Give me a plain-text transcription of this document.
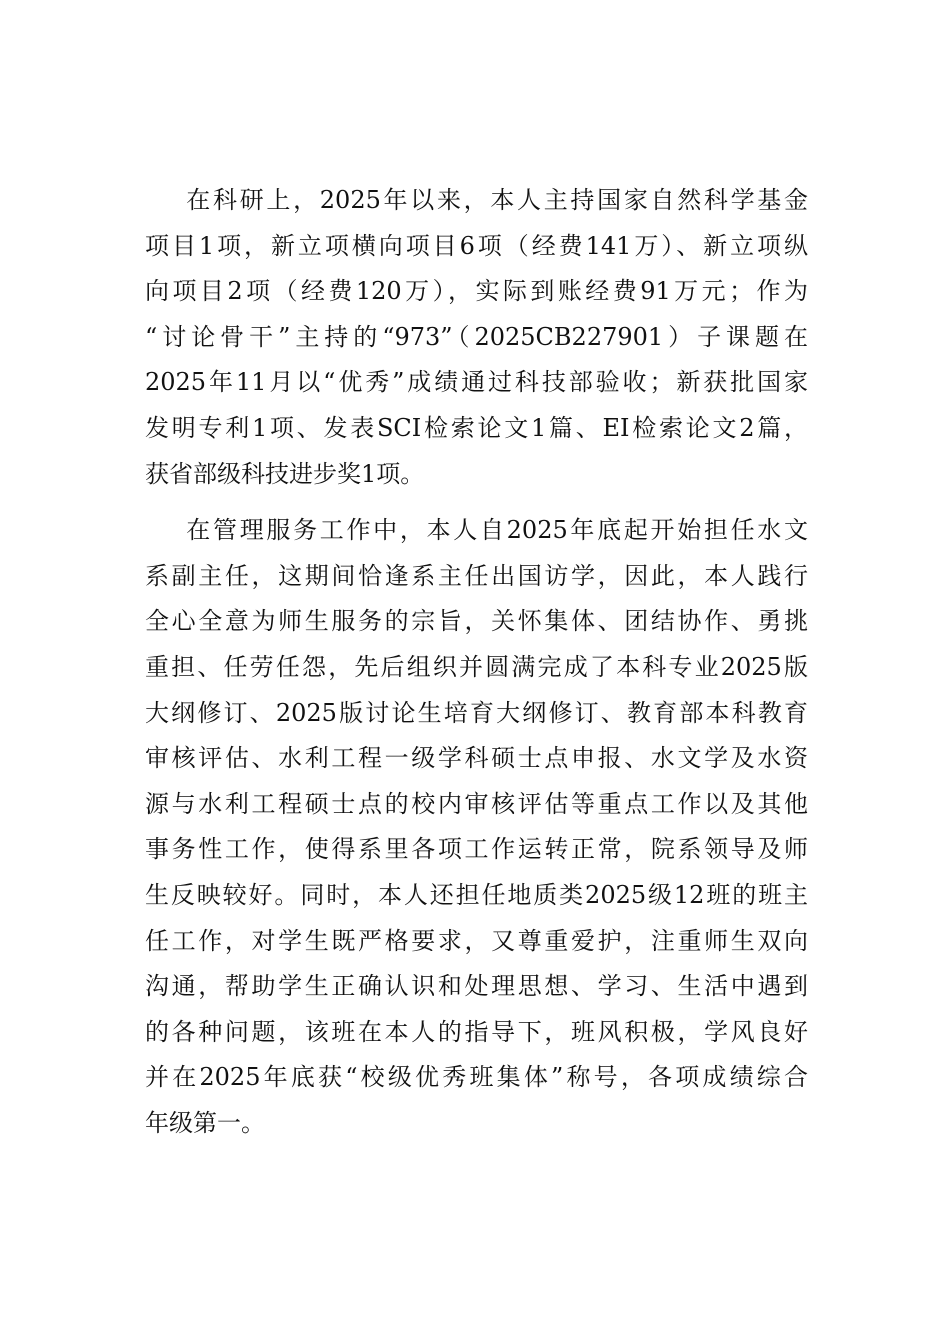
在科研上，2025年以来，本人主持国家自然科学基金
项目1项，新立项横向项目6项（经费141万）、新立项纵
向项目2项（经费120万），实际到账经费91万元；作为
“讨论骨干”主持的“973”（2025CB227901）子课题在
2025年11月以“优秀”成绩通过科技部验收；新获批国家
发明专利1项、发表SCI检索论文1篇、EI检索论文2篇，
获省部级科技进步奖1项。

在管理服务工作中，本人自2025年底起开始担任水文
系副主任，这期间恰逢系主任出国访学，因此，本人践行
全心全意为师生服务的宗旨，关怀集体、团结协作、勇挑
重担、任劳任怨，先后组织并圆满完成了本科专业2025版
大纲修订、2025版讨论生培育大纲修订、教育部本科教育
审核评估、水利工程一级学科硕士点申报、水文学及水资
源与水利工程硕士点的校内审核评估等重点工作以及其他
事务性工作，使得系里各项工作运转正常，院系领导及师
生反映较好。同时，本人还担任地质类2025级12班的班主
任工作，对学生既严格要求，又尊重爱护，注重师生双向
沟通，帮助学生正确认识和处理思想、学习、生活中遇到
的各种问题，该班在本人的指导下，班风积极，学风良好
并在2025年底获“校级优秀班集体”称号，各项成绩综合
年级第一。
